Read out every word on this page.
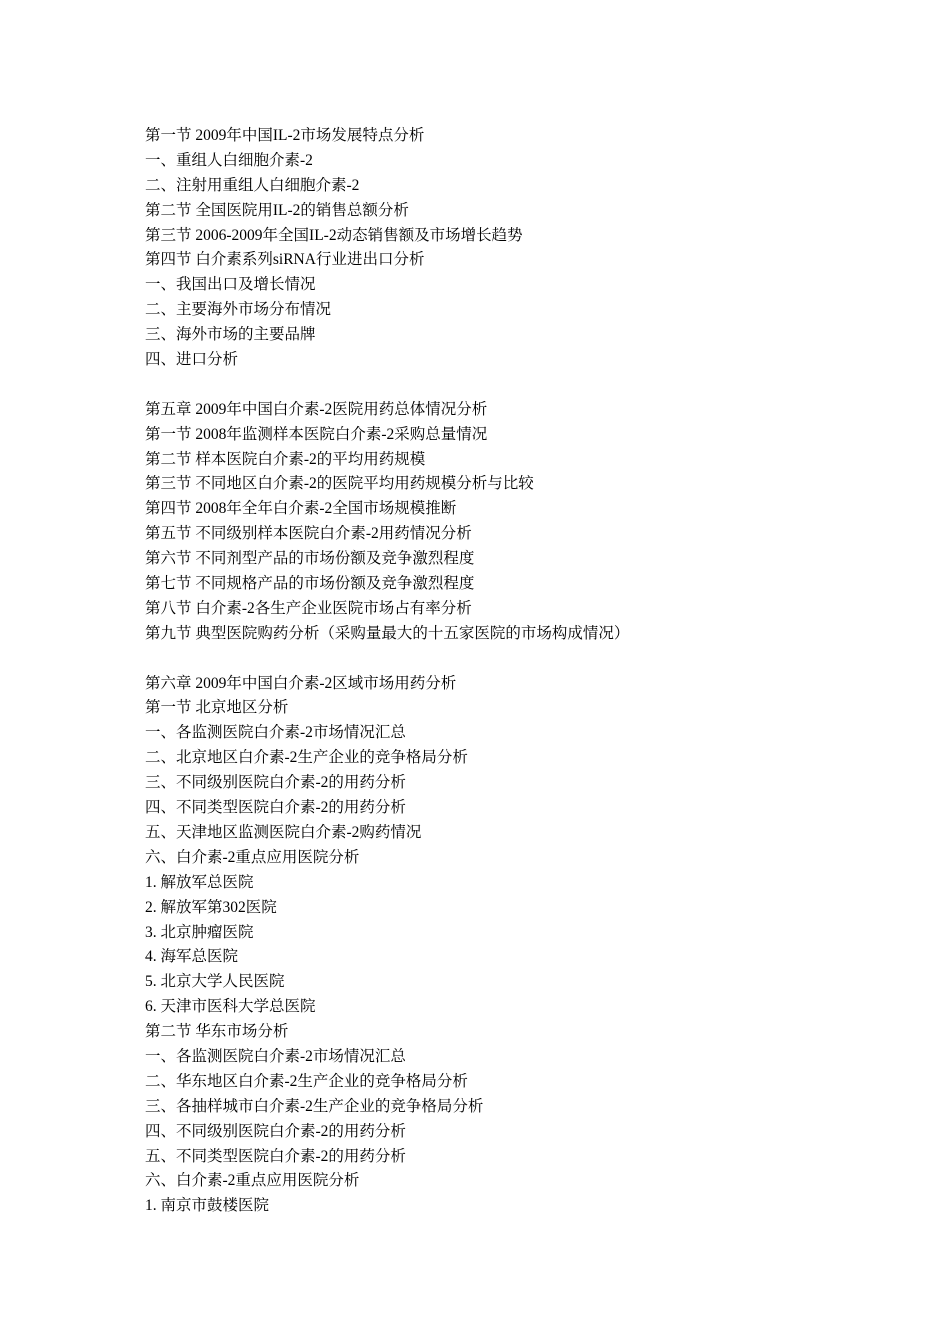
第一节 2009年中国IL-2市场发展特点分析
一、重组人白细胞介素-2
二、注射用重组人白细胞介素-2
第二节 全国医院用IL-2的销售总额分析
第三节 2006-2009年全国IL-2动态销售额及市场增长趋势
第四节 白介素系列siRNA行业进出口分析
一、我国出口及增长情况
二、主要海外市场分布情况
三、海外市场的主要品牌
四、进口分析
第五章 2009年中国白介素-2医院用药总体情况分析
第一节 2008年监测样本医院白介素-2采购总量情况
第二节 样本医院白介素-2的平均用药规模
第三节 不同地区白介素-2的医院平均用药规模分析与比较
第四节 2008年全年白介素-2全国市场规模推断
第五节 不同级别样本医院白介素-2用药情况分析
第六节 不同剂型产品的市场份额及竞争激烈程度
第七节 不同规格产品的市场份额及竞争激烈程度
第八节 白介素-2各生产企业医院市场占有率分析
第九节 典型医院购药分析（采购量最大的十五家医院的市场构成情况）
第六章 2009年中国白介素-2区域市场用药分析
第一节 北京地区分析
一、各监测医院白介素-2市场情况汇总
二、北京地区白介素-2生产企业的竞争格局分析
三、不同级别医院白介素-2的用药分析
四、不同类型医院白介素-2的用药分析
五、天津地区监测医院白介素-2购药情况
六、白介素-2重点应用医院分析
1. 解放军总医院
2. 解放军第302医院
3. 北京肿瘤医院
4. 海军总医院
5. 北京大学人民医院
6. 天津市医科大学总医院
第二节 华东市场分析
一、各监测医院白介素-2市场情况汇总
二、华东地区白介素-2生产企业的竞争格局分析
三、各抽样城市白介素-2生产企业的竞争格局分析
四、不同级别医院白介素-2的用药分析
五、不同类型医院白介素-2的用药分析
六、白介素-2重点应用医院分析
1. 南京市鼓楼医院
